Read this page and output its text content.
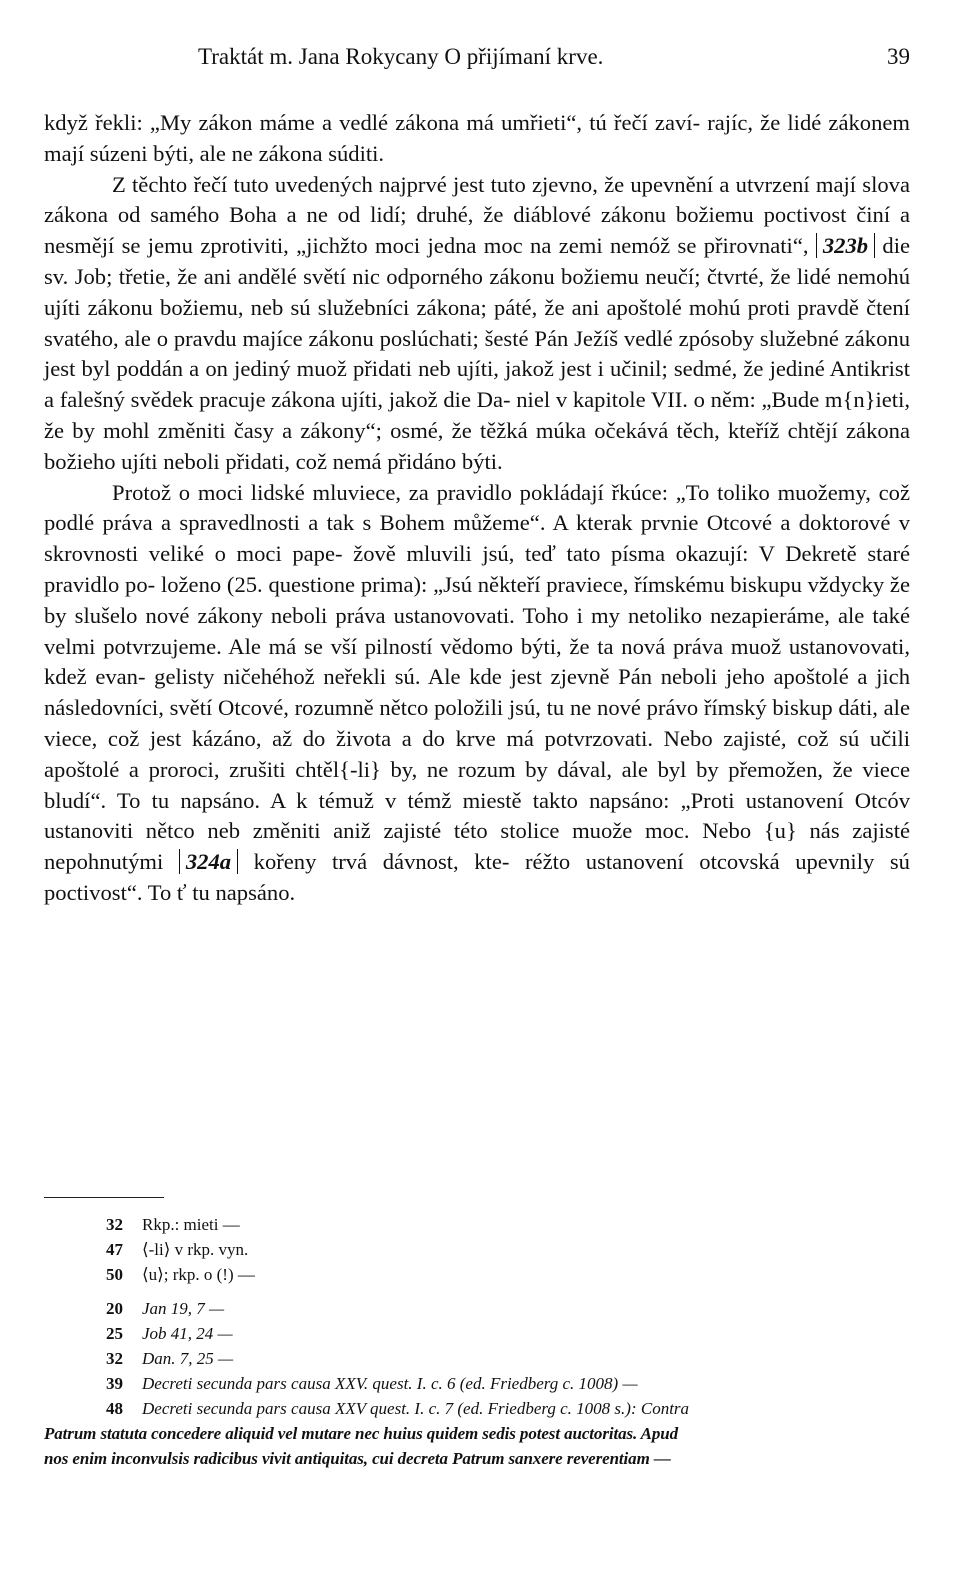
Traktát m. Jana Rokycany O přijímaní krve.	39

když řekli: „My zákon máme a vedlé zákona má umřieti“, tú řečí zaví- rajíc, že lidé zákonem mají súzeni býti, ale ne zákona súditi.

Z těchto řečí tuto uvedených najprvé jest tuto zjevno, že upevnění a utvrzení mají slova zákona od samého Boha a ne od lidí; druhé, že diáblové zákonu božiemu poctivost činí a nesmějí se jemu zprotiviti, „jichžto moci jedna moc na zemi nemóž se přirovnati“, 323b die sv. Job; třetie, že ani andělé světí nic odporného zákonu božiemu neučí; čtvrté, že lidé nemohú ujíti zákonu božiemu, neb sú služebníci zákona; páté, že ani apoštolé mohú proti pravdě čtení svatého, ale o pravdu majíce zákonu poslúchati; šesté Pán Ježíš vedlé zpósoby služebné zákonu jest byl poddán a on jediný muož přidati neb ujíti, jakož jest i učinil; sedmé, že jediné Antikrist a falešný svědek pracuje zákona ujíti, jakož die Da- niel v kapitole VII. o něm: „Bude m{n}ieti, že by mohl změniti časy a zákony“; osmé, že těžká múka očekává těch, kteříž chtějí zákona božieho ujíti neboli přidati, což nemá přidáno býti.

Protož o moci lidské mluviece, za pravidlo pokládají řkúce: „To toliko muožemy, což podlé práva a spravedlnosti a tak s Bohem můžeme“. A kterak prvnie Otcové a doktorové v skrovnosti veliké o moci pape- žově mluvili jsú, teď tato písma okazují: V Dekretě staré pravidlo po- loženo (25. questione prima): „Jsú někteří praviece, římskému biskupu vždycky že by slušelo nové zákony neboli práva ustanovovati. Toho i my netoliko nezapieráme, ale také velmi potvrzujeme. Ale má se vší pilností vědomo býti, že ta nová práva muož ustanovovati, kdež evan- gelisty ničehéhož neřekli sú. Ale kde jest zjevně Pán neboli jeho apoštolé a jich následovníci, světí Otcové, rozumně nětco položili jsú, tu ne nové právo římský biskup dáti, ale viece, což jest kázáno, až do života a do krve má potvrzovati. Nebo zajisté, což sú učili apoštolé a proroci, zrušiti chtěl{-li} by, ne rozum by dával, ale byl by přemožen, že viece bludí“. To tu napsáno. A k témuž v témž miestě takto napsáno: „Proti ustanovení Otcóv ustanoviti nětco neb změniti aniž zajisté této stolice muože moc. Nebo {u} nás zajisté nepohnutými 324a kořeny trvá dávnost, kte- réžto ustanovení otcovská upevnily sú poctivost“. To ť tu napsáno.

32 Rkp.: mieti —
47 ⟨-li⟩ v rkp. vyn.
50 ⟨u⟩; rkp. o (!) —
20 Jan 19, 7 —
25 Job 41, 24 —
32 Dan. 7, 25 —
39 Decreti secunda pars causa XXV. quest. I. c. 6 (ed. Friedberg c. 1008) —
48 Decreti secunda pars causa XXV quest. I. c. 7 (ed. Friedberg c. 1008 s.): Contra
Patrum statuta concedere aliquid vel mutare nec huius quidem sedis potest auctoritas. Apud
nos enim inconvulsis radicibus vivit antiquitas, cui decreta Patrum sanxere reverentiam —
